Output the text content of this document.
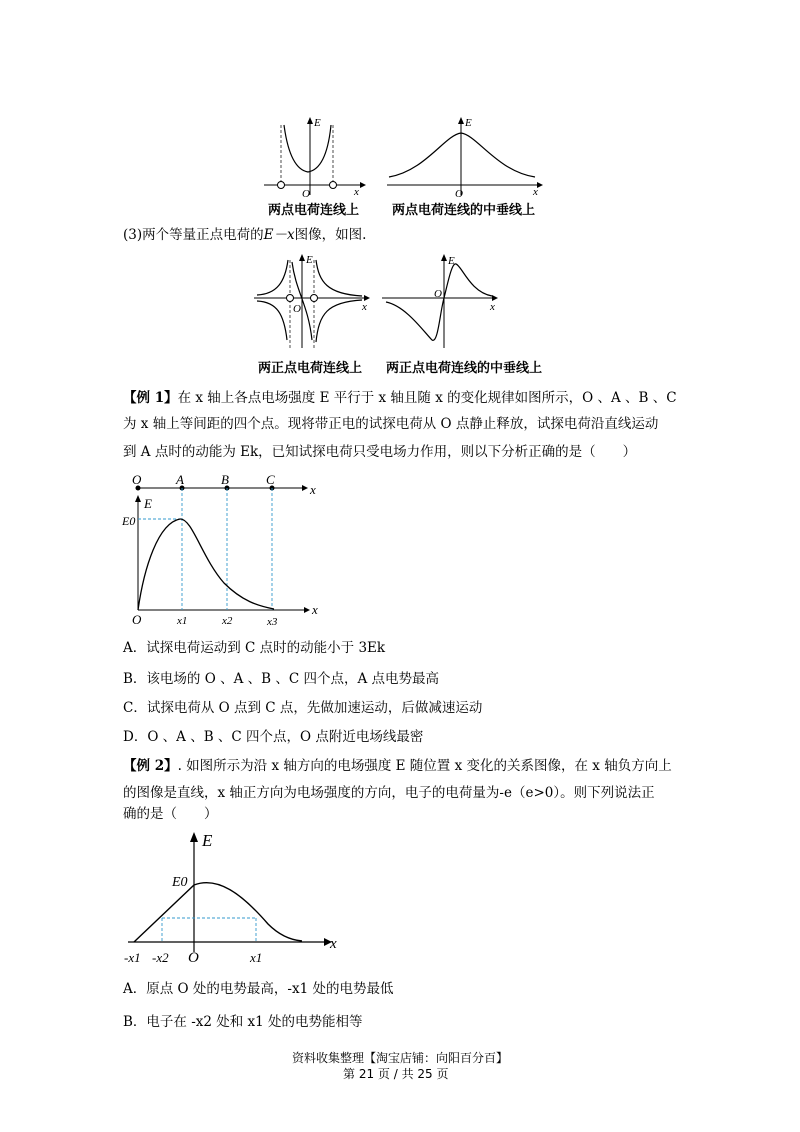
E
x
O
E
x
O
两点电荷连线上	两点电荷连线的中垂线上
(3)两个等量正点电荷的E－x图像，如图.
E
x
O
E
x
O
两正点电荷连线上 两正点电荷连线的中垂线上
【例 1】在 x 轴上各点电场强度 E 平行于 x 轴且随 x 的变化规律如图所示，O 、A 、B 、C
为 x 轴上等间距的四个点。现将带正电的试探电荷从 O 点静止释放，试探电荷沿直线运动
到 A 点时的动能为 Ek，已知试探电荷只受电场力作用，则以下分析正确的是（　　）
O	A	B	C
x
E
x
E0
O	x1	x2	x3
A．试探电荷运动到 C 点时的动能小于 3Ek
B．该电场的 O 、A 、B 、C 四个点，A 点电势最高
C．试探电荷从 O 点到 C 点，先做加速运动，后做减速运动
D．O 、A 、B 、C 四个点，O 点附近电场线最密
【例 2】. 如图所示为沿 x 轴方向的电场强度 E 随位置 x 变化的关系图像，在 x 轴负方向上
的图像是直线，x 轴正方向为电场强度的方向，电子的电荷量为-e（e>0）。则下列说法正
确的是（　　）
E
x
E0
O
-x1 -x2	x1
A．原点 O 处的电势最高，-x1 处的电势最低
B．电子在 -x2 处和 x1 处的电势能相等
资料收集整理【淘宝店铺：向阳百分百】
第 21 页 / 共 25 页
